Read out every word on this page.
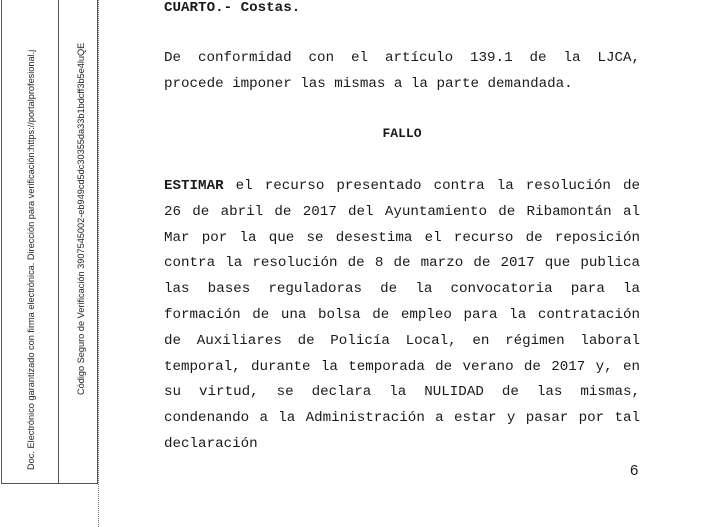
Doc. Electrónico garantizado con firma electrónica. Dirección para verificación:https://portalprofesional.j	Código Seguro de Verificación 3907545002-eb949cd5dc30355da33b1bdcff3b5e4luQE
CUARTO.- Costas.
De conformidad con el artículo 139.1 de la LJCA, procede imponer las mismas a la parte demandada.
FALLO
ESTIMAR el recurso presentado contra la resolución de 26 de abril de 2017 del Ayuntamiento de Ribamontán al Mar por la que se desestima el recurso de reposición contra la resolución de 8 de marzo de 2017 que publica las bases reguladoras de la convocatoria para la formación de una bolsa de empleo para la contratación de Auxiliares de Policía Local, en régimen laboral temporal, durante la temporada de verano de 2017 y, en su virtud, se declara la NULIDAD de las mismas, condenando a la Administración a estar y pasar por tal declaración
6
